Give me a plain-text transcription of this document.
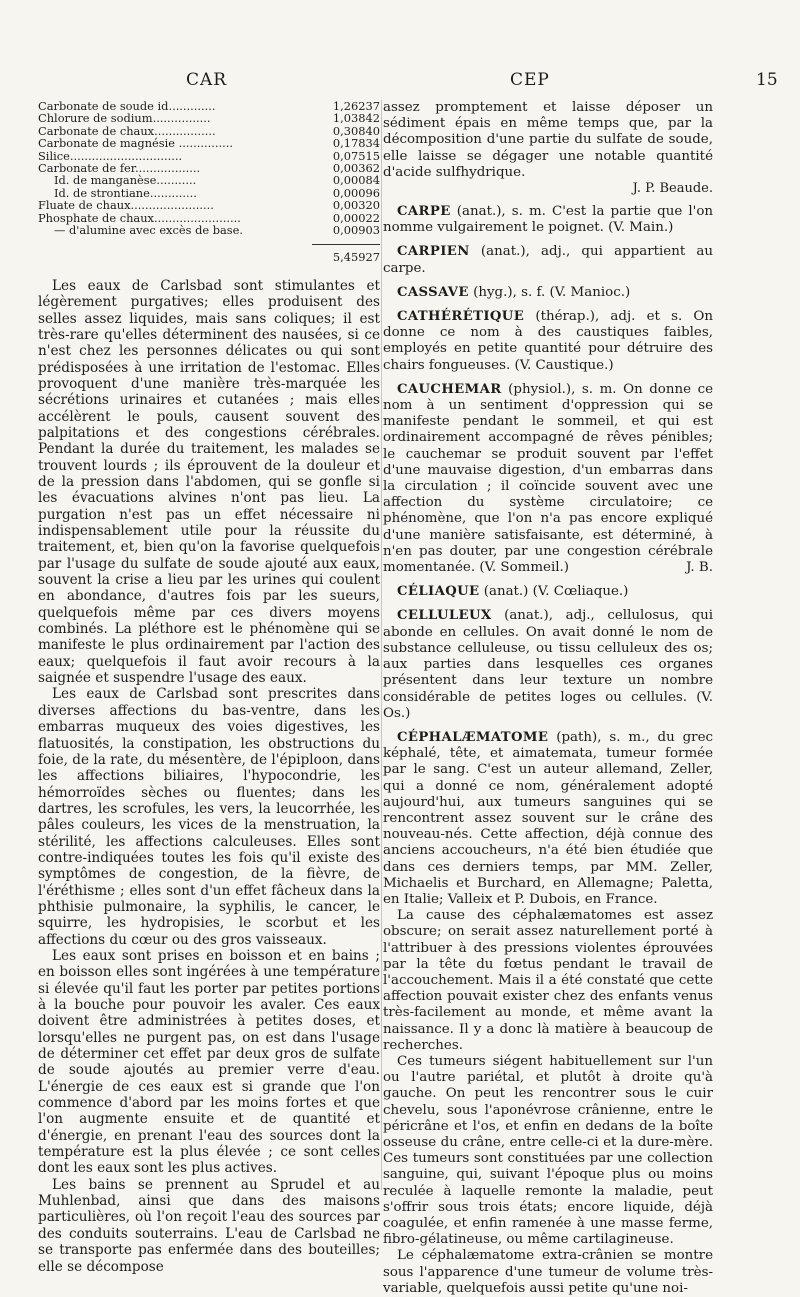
CAR	CEP	15
Carbonate de soude id.............	1,26237
Chlorure de sodium................	1,03842
Carbonate de chaux.................	0,30840
Carbonate de magnésie ...............	0,17834
Silice...............................	0,07515
Carbonate de fer..................	0,00362
Id. de manganèse...........	0,00084
Id. de strontiane.............	0,00096
Fluate de chaux.......................	0,00320
Phosphate de chaux........................	0,00022
— d'alumine avec excès de base.	0,00903

	5,45927

Les eaux de Carlsbad sont stimulantes et légèrement purgatives; elles produisent des selles assez liquides, mais sans coliques; il est très-rare qu'elles déterminent des nausées, si ce n'est chez les personnes délicates ou qui sont prédisposées à une irritation de l'estomac. Elles provoquent d'une manière très-marquée les sécrétions urinaires et cutanées ; mais elles accélèrent le pouls, causent souvent des palpitations et des congestions cérébrales. Pendant la durée du traitement, les malades se trouvent lourds ; ils éprouvent de la douleur et de la pression dans l'abdomen, qui se gonfle si les évacuations alvines n'ont pas lieu. La purgation n'est pas un effet nécessaire ni indispensablement utile pour la réussite du traitement, et, bien qu'on la favorise quelquefois par l'usage du sulfate de soude ajouté aux eaux, souvent la crise a lieu par les urines qui coulent en abondance, d'autres fois par les sueurs, quelquefois même par ces divers moyens combinés. La pléthore est le phénomène qui se manifeste le plus ordinairement par l'action des eaux; quelquefois il faut avoir recours à la saignée et suspendre l'usage des eaux.

Les eaux de Carlsbad sont prescrites dans diverses affections du bas-ventre, dans les embarras muqueux des voies digestives, les flatuosités, la constipation, les obstructions du foie, de la rate, du mésentère, de l'épiploon, dans les affections biliaires, l'hypocondrie, les hémorroïdes sèches ou fluentes; dans les dartres, les scrofules, les vers, la leucorrhée, les pâles couleurs, les vices de la menstruation, la stérilité, les affections calculeuses. Elles sont contre-indiquées toutes les fois qu'il existe des symptômes de congestion, de la fièvre, de l'éréthisme ; elles sont d'un effet fâcheux dans la phthisie pulmonaire, la syphilis, le cancer, le squirre, les hydropisies, le scorbut et les affections du cœur ou des gros vaisseaux.

Les eaux sont prises en boisson et en bains ; en boisson elles sont ingérées à une température si élevée qu'il faut les porter par petites portions à la bouche pour pouvoir les avaler. Ces eaux doivent être administrées à petites doses, et lorsqu'elles ne purgent pas, on est dans l'usage de déterminer cet effet par deux gros de sulfate de soude ajoutés au premier verre d'eau. L'énergie de ces eaux est si grande que l'on commence d'abord par les moins fortes et que l'on augmente ensuite et de quantité et d'énergie, en prenant l'eau des sources dont la température est la plus élevée ; ce sont celles dont les eaux sont les plus actives.

Les bains se prennent au Sprudel et au Muhlenbad, ainsi que dans des maisons particulières, où l'on reçoit l'eau des sources par des conduits souterrains. L'eau de Carlsbad ne se transporte pas enfermée dans des bouteilles; elle se décompose

assez promptement et laisse déposer un sédiment épais en même temps que, par la décomposition d'une partie du sulfate de soude, elle laisse se dégager une notable quantité d'acide sulfhydrique.

J. P. Beaude.

CARPE (anat.), s. m. C'est la partie que l'on nomme vulgairement le poignet. (V. Main.)

CARPIEN (anat.), adj., qui appartient au carpe.

CASSAVE (hyg.), s. f. (V. Manioc.)

CATHÉRÉTIQUE (thérap.), adj. et s. On donne ce nom à des caustiques faibles, employés en petite quantité pour détruire des chairs fongueuses. (V. Caustique.)

CAUCHEMAR (physiol.), s. m. On donne ce nom à un sentiment d'oppression qui se manifeste pendant le sommeil, et qui est ordinairement accompagné de rêves pénibles; le cauchemar se produit souvent par l'effet d'une mauvaise digestion, d'un embarras dans la circulation ; il coïncide souvent avec une affection du système circulatoire; ce phénomène, que l'on n'a pas encore expliqué d'une manière satisfaisante, est déterminé, à n'en pas douter, par une congestion cérébrale momentanée. (V. Sommeil.)	J. B.

CÉLIAQUE (anat.) (V. Cœliaque.)

CELLULEUX (anat.), adj., cellulosus, qui abonde en cellules. On avait donné le nom de substance celluleuse, ou tissu celluleux des os; aux parties dans lesquelles ces organes présentent dans leur texture un nombre considérable de petites loges ou cellules. (V. Os.)

CÉPHALÆMATOME (path), s. m., du grec képhalé, tête, et aimatemata, tumeur formée par le sang. C'est un auteur allemand, Zeller, qui a donné ce nom, généralement adopté aujourd'hui, aux tumeurs sanguines qui se rencontrent assez souvent sur le crâne des nouveau-nés. Cette affection, déjà connue des anciens accoucheurs, n'a été bien étudiée que dans ces derniers temps, par MM. Zeller, Michaelis et Burchard, en Allemagne; Paletta, en Italie; Valleix et P. Dubois, en France.

La cause des céphalæmatomes est assez obscure; on serait assez naturellement porté à l'attribuer à des pressions violentes éprouvées par la tête du fœtus pendant le travail de l'accouchement. Mais il a été constaté que cette affection pouvait exister chez des enfants venus très-facilement au monde, et même avant la naissance. Il y a donc là matière à beaucoup de recherches.

Ces tumeurs siégent habituellement sur l'un ou l'autre pariétal, et plutôt à droite qu'à gauche. On peut les rencontrer sous le cuir chevelu, sous l'aponévrose crânienne, entre le péricrâne et l'os, et enfin en dedans de la boîte osseuse du crâne, entre celle-ci et la dure-mère. Ces tumeurs sont constituées par une collection sanguine, qui, suivant l'époque plus ou moins reculée à laquelle remonte la maladie, peut s'offrir sous trois états; encore liquide, déjà coagulée, et enfin ramenée à une masse ferme, fibro-gélatineuse, ou même cartilagineuse.

Le céphalæmatome extra-crânien se montre sous l'apparence d'une tumeur de volume très-variable, quelquefois aussi petite qu'une noi-
